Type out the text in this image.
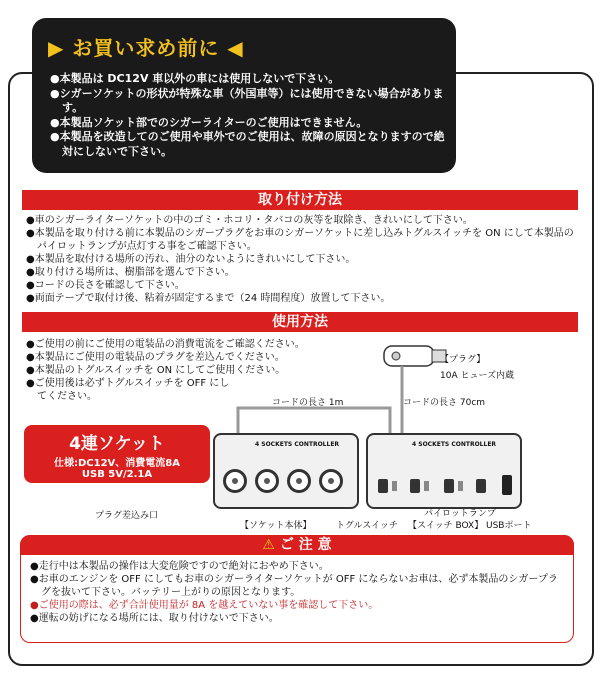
▶ お買い求め前に ◀
●本製品は DC12V 車以外の車には使用しないで下さい。
●シガーソケットの形状が特殊な車（外国車等）には使用できない場合があります。
●本製品ソケット部でのシガーライターのご使用はできません。
●本製品を改造してのご使用や車外でのご使用は、故障の原因となりますので絶対にしないで下さい。
取り付け方法
●車のシガーライターソケットの中のゴミ・ホコリ・タバコの灰等を取除き、きれいにして下さい。
●本製品を取り付ける前に本製品のシガープラグをお車のシガーソケットに差し込みトグルスイッチを ON にして本製品のパイロットランプが点灯する事をご確認下さい。
●本製品を取付ける場所の汚れ、油分のないようにきれいにして下さい。
●取り付ける場所は、樹脂部を選んで下さい。
●コードの長さを確認して下さい。
●両面テープで取付け後、粘着が固定するまで（24 時間程度）放置して下さい。
使用方法
●ご使用の前にご使用の電装品の消費電流をご確認ください。
●本製品にご使用の電装品のプラグを差込んでください。
●本製品のトグルスイッチを ON にしてご使用ください。
●ご使用後は必ずトグルスイッチを OFF にしてください。
【プラグ】
10A ヒューズ内蔵
コードの長さ 1m	コードの長さ 70cm
4連ソケット
仕様:DC12V、消費電流8A
USB 5V/2.1A
4 SOCKETS CONTROLLER	4 SOCKETS CONTROLLER
プラグ差込み口
【ソケット本体】	トグルスイッチ
パイロットランプ
【スイッチ BOX】 USBポート
⚠ ご 注 意
●走行中は本製品の操作は大変危険ですので絶対におやめ下さい。
●お車のエンジンを OFF にしてもお車のシガーライターソケットが OFF にならないお車は、必ず本製品のシガープラグを抜いて下さい。バッテリー上がりの原因となります。
●ご使用の際は、必ず合計使用量が 8A を越えていない事を確認して下さい。
●運転の妨げになる場所には、取り付けないで下さい。
